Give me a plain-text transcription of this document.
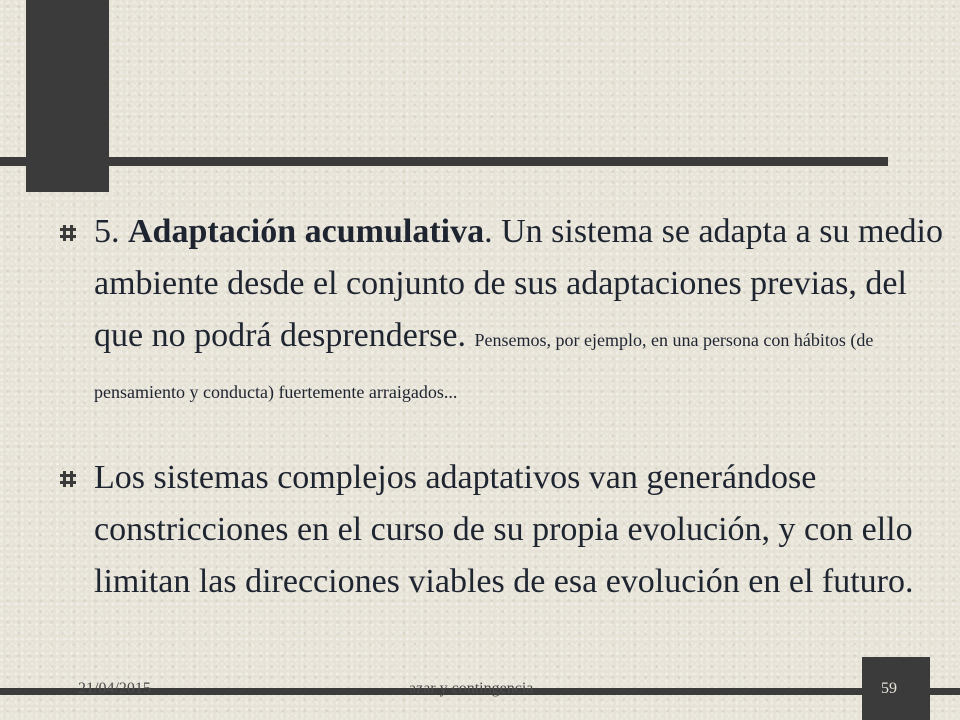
5. Adaptación acumulativa. Un sistema se adapta a su medio ambiente desde el conjunto de sus adaptaciones previas, del que no podrá desprenderse. Pensemos, por ejemplo, en una persona con hábitos (de pensamiento y conducta) fuertemente arraigados...

Los sistemas complejos adaptativos van generándose constricciones en el curso de su propia evolución, y con ello limitan las direcciones viables de esa evolución en el futuro.

21/04/2015	azar y contingencia	59
